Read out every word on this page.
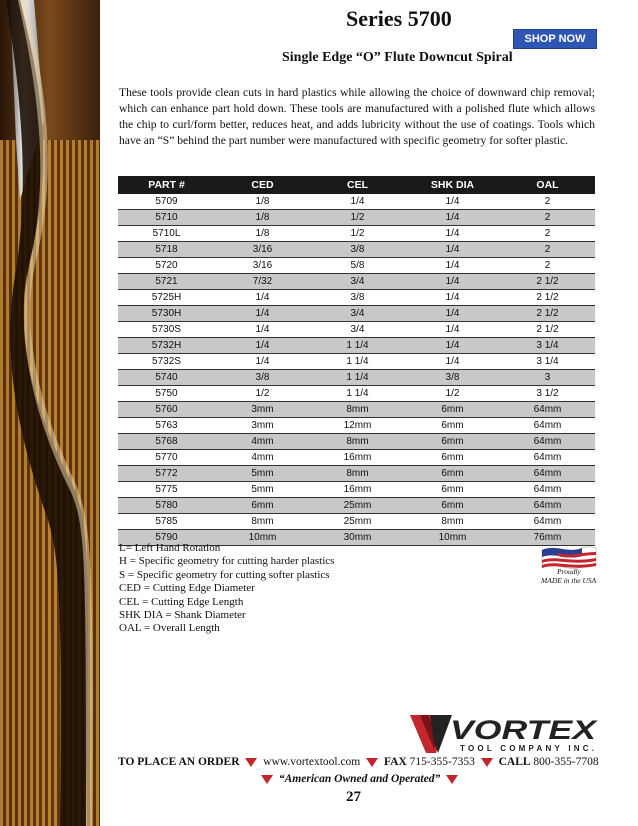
Series 5700
SHOP NOW
Single Edge “O” Flute Downcut Spiral
These tools provide clean cuts in hard plastics while allowing the choice of downward chip removal; which can enhance part hold down. These tools are manufactured with a polished flute which allows the chip to curl/form better, reduces heat, and adds lubricity without the use of coatings. Tools which have an “S” behind the part number were manufactured with specific geometry for softer plastic.
PART #	CED	CEL	SHK DIA	OAL
5709	1/8	1/4	1/4	2
5710	1/8	1/2	1/4	2
5710L	1/8	1/2	1/4	2
5718	3/16	3/8	1/4	2
5720	3/16	5/8	1/4	2
5721	7/32	3/4	1/4	2 1/2
5725H	1/4	3/8	1/4	2 1/2
5730H	1/4	3/4	1/4	2 1/2
5730S	1/4	3/4	1/4	2 1/2
5732H	1/4	1 1/4	1/4	3 1/4
5732S	1/4	1 1/4	1/4	3 1/4
5740	3/8	1 1/4	3/8	3
5750	1/2	1 1/4	1/2	3 1/2
5760	3mm	8mm	6mm	64mm
5763	3mm	12mm	6mm	64mm
5768	4mm	8mm	6mm	64mm
5770	4mm	16mm	6mm	64mm
5772	5mm	8mm	6mm	64mm
5775	5mm	16mm	6mm	64mm
5780	6mm	25mm	6mm	64mm
5785	8mm	25mm	8mm	64mm
5790	10mm	30mm	10mm	76mm
L= Left Hand Rotation
H = Specific geometry for cutting harder plastics
S = Specific geometry for cutting softer plastics
CED = Cutting Edge Diameter
CEL = Cutting Edge Length
SHK DIA = Shank Diameter
OAL = Overall Length
Proudly
MADE in the USA
VORTEX
TOOL COMPANY INC.
TO PLACE AN ORDER www.vortextool.com FAX 715-355-7353 CALL 800-355-7708
“American Owned and Operated”
27
